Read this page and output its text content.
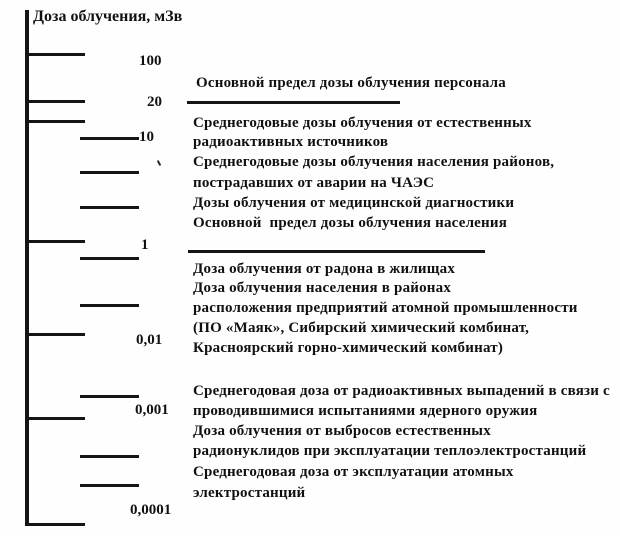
Доза облучения, мЗв
100
20
10
1
0,01
0,001
0,0001
Основной предел дозы облучения персонала
Среднегодовые дозы облучения от естественных
радиоактивных источников
Среднегодовые дозы облучения населения районов,
пострадавших от аварии на ЧАЭС
Дозы облучения от медицинской диагностики
Основной  предел дозы облучения населения
Доза облучения от радона в жилищах
Доза облучения населения в районах
расположения предприятий атомной промышленности
(ПО «Маяк», Сибирский химический комбинат,
Красноярский горно-химический комбинат)
Среднегодовая доза от радиоактивных выпадений в связи с
проводившимися испытаниями ядерного оружия
Доза облучения от выбросов естественных
радионуклидов при эксплуатации теплоэлектростанций
Среднегодовая доза от эксплуатации атомных
электростанций
